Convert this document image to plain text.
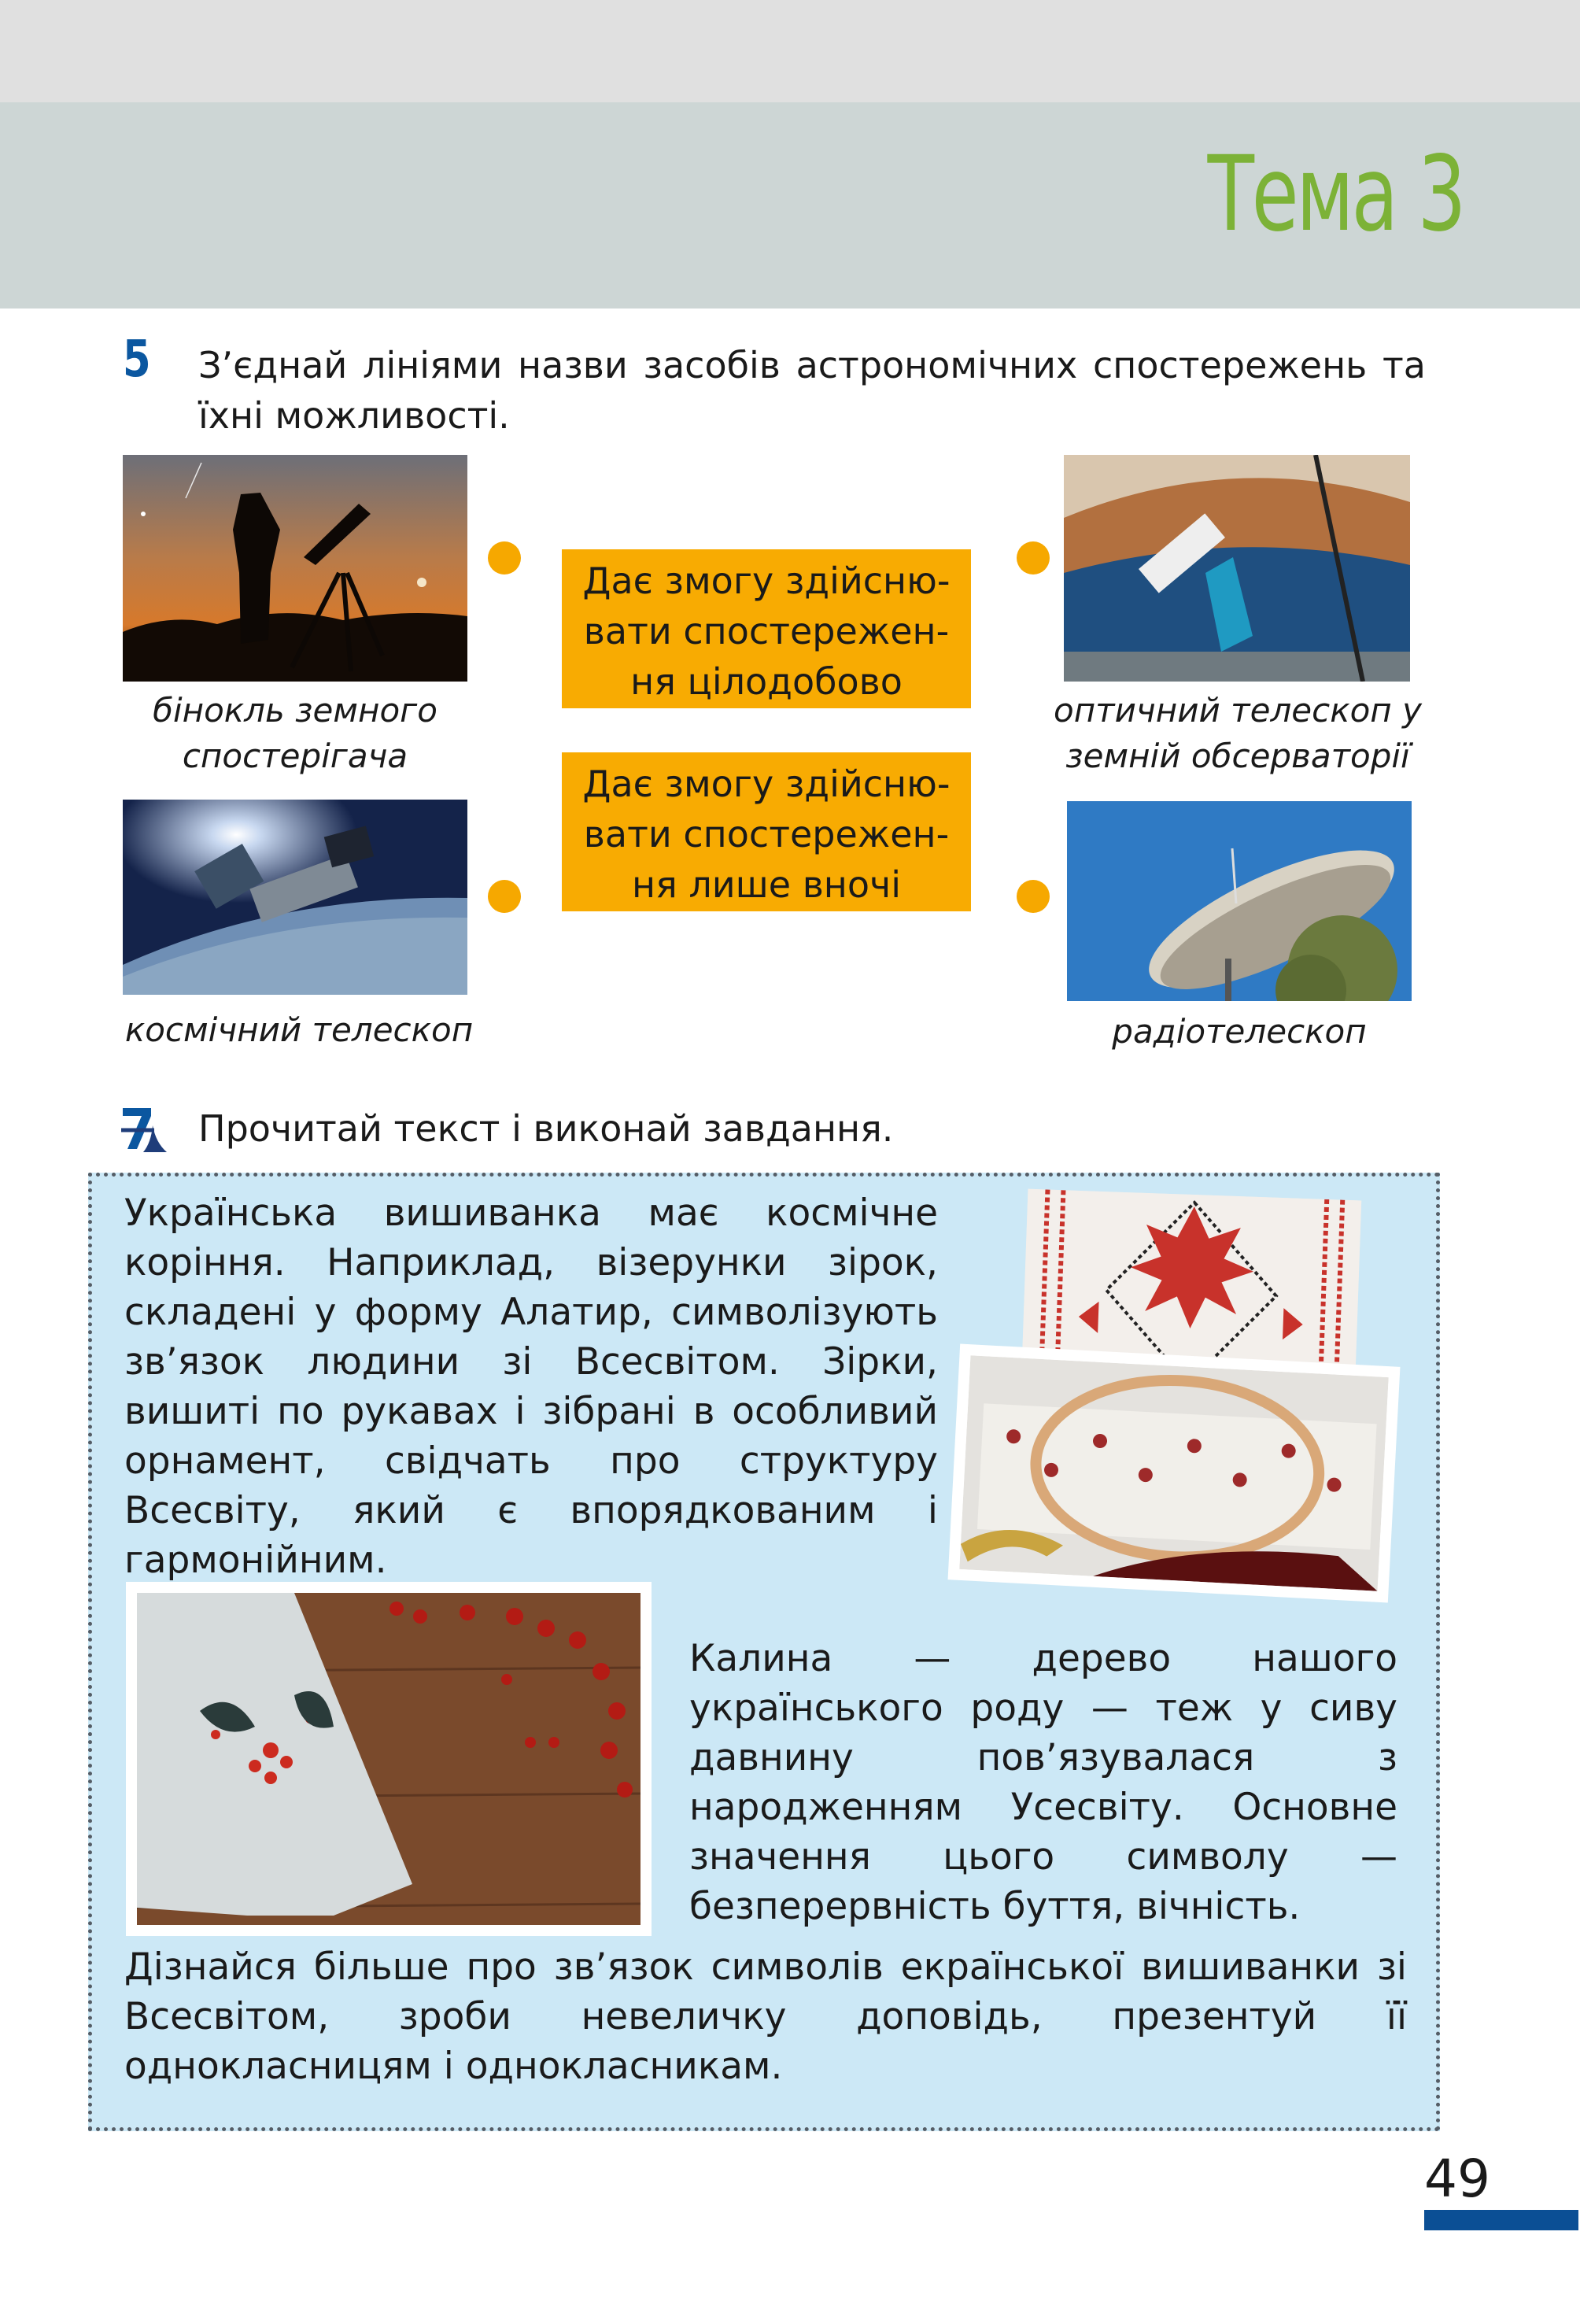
Тема 3
5 З’єднай лініями назви засобів астрономічних спостережень та їхні можливості.
бінокль земного спостерігача
оптичний телескоп у земній обсерваторії
космічний телескоп	радіотелескоп
Дає змогу здійсню-
вати спостережен-
ня цілодобово
Дає змогу здійсню-
вати спостережен-
ня лише вночі
Прочитай текст і виконай завдання.
Українська вишиванка має космічне коріння. Наприклад, візерунки зірок, складені у форму Алатир, символізують зв’язок людини зі Всесвітом. Зірки, вишиті по рукавах і зібрані в особливий орнамент, свідчать про структуру Всесвіту, який є впорядкованим і гармонійним.
Калина — дерево нашого українського роду — теж у сиву давнину пов’язувалася з народженням Усесвіту. Основне значення цього символу — безперервність буття, вічність.
Дізнайся більше про зв’язок символів екраїнської вишиванки зі Всесвітом, зроби невеличку доповідь, презентуй її однокласницям і однокласникам.
49
